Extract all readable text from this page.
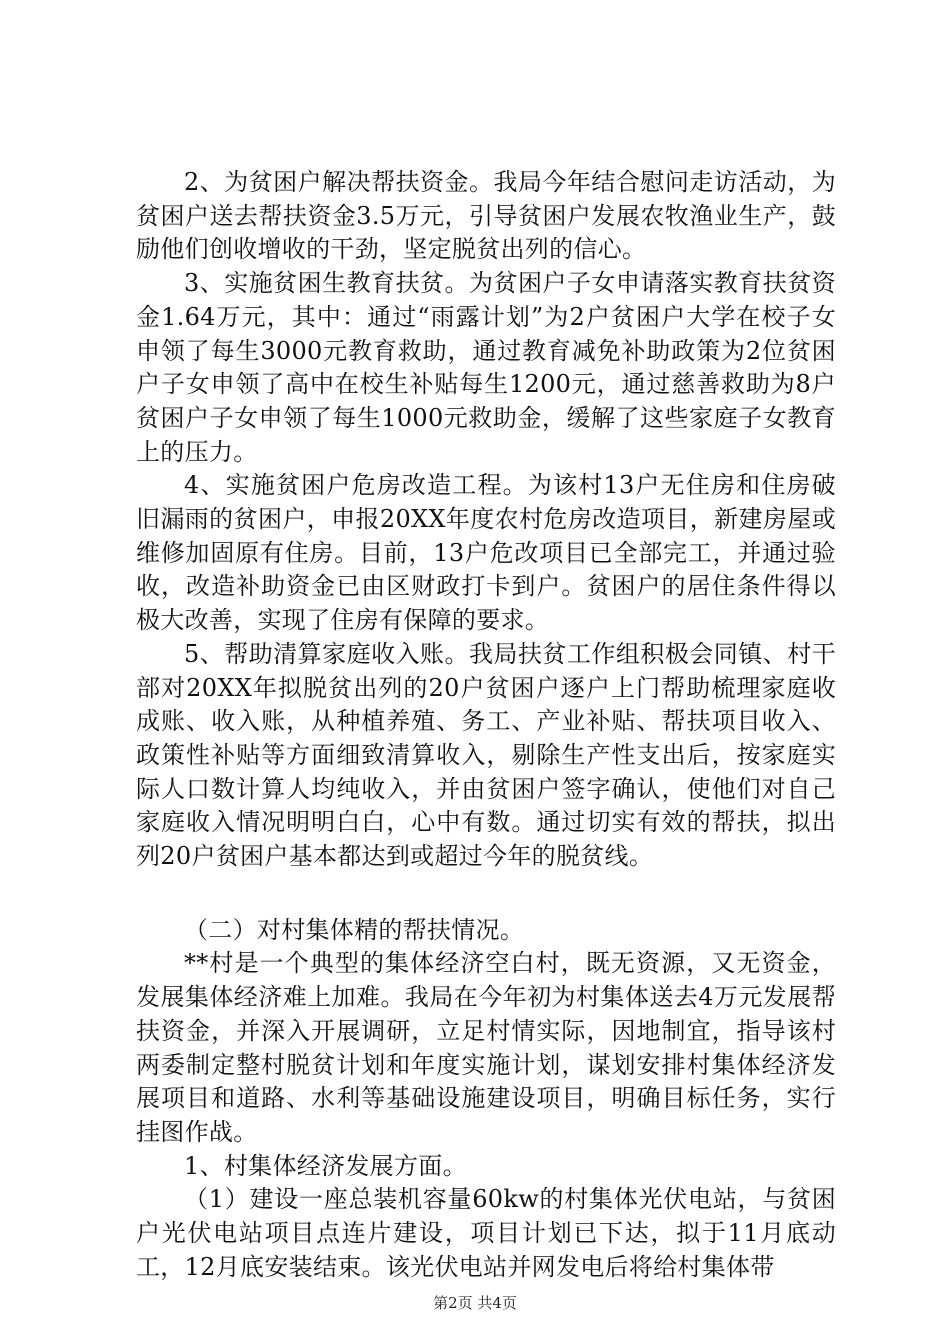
2、为贫困户解决帮扶资金。我局今年结合慰问走访活动，为贫困户送去帮扶资金3.5万元，引导贫困户发展农牧渔业生产，鼓励他们创收增收的干劲，坚定脱贫出列的信心。

3、实施贫困生教育扶贫。为贫困户子女申请落实教育扶贫资金1.64万元，其中：通过“雨露计划”为2户贫困户大学在校子女申领了每生3000元教育救助，通过教育减免补助政策为2位贫困户子女申领了高中在校生补贴每生1200元，通过慈善救助为8户贫困户子女申领了每生1000元救助金，缓解了这些家庭子女教育上的压力。

4、实施贫困户危房改造工程。为该村13户无住房和住房破旧漏雨的贫困户，申报20XX年度农村危房改造项目，新建房屋或维修加固原有住房。目前，13户危改项目已全部完工，并通过验收，改造补助资金已由区财政打卡到户。贫困户的居住条件得以极大改善，实现了住房有保障的要求。

5、帮助清算家庭收入账。我局扶贫工作组积极会同镇、村干部对20XX年拟脱贫出列的20户贫困户逐户上门帮助梳理家庭收成账、收入账，从种植养殖、务工、产业补贴、帮扶项目收入、政策性补贴等方面细致清算收入，剔除生产性支出后，按家庭实际人口数计算人均纯收入，并由贫困户签字确认，使他们对自己家庭收入情况明明白白，心中有数。通过切实有效的帮扶，拟出列20户贫困户基本都达到或超过今年的脱贫线。

（二）对村集体精的帮扶情况。

**村是一个典型的集体经济空白村，既无资源，又无资金，发展集体经济难上加难。我局在今年初为村集体送去4万元发展帮扶资金，并深入开展调研，立足村情实际，因地制宜，指导该村两委制定整村脱贫计划和年度实施计划，谋划安排村集体经济发展项目和道路、水利等基础设施建设项目，明确目标任务，实行挂图作战。

1、村集体经济发展方面。

（1）建设一座总装机容量60kw的村集体光伏电站，与贫困户光伏电站项目点连片建设，项目计划已下达，拟于11月底动工，12月底安装结束。该光伏电站并网发电后将给村集体带

第2页 共4页
